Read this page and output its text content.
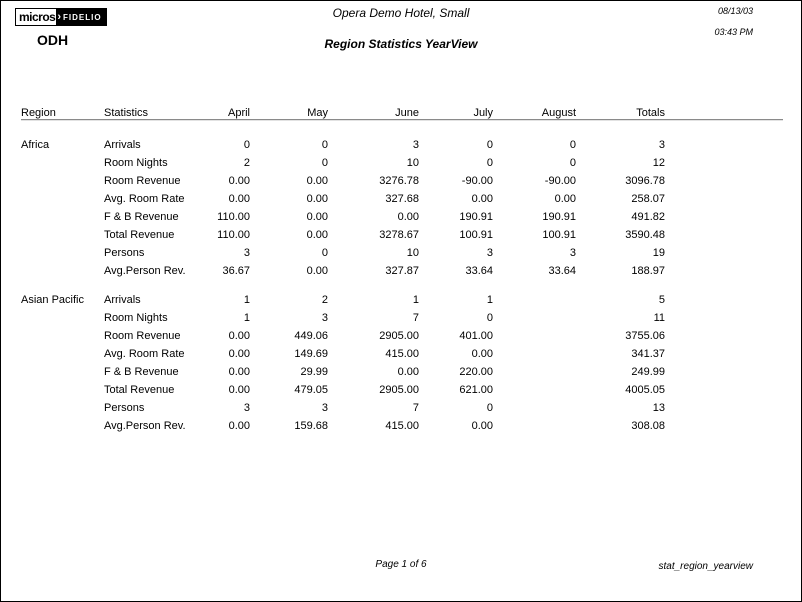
micros › FIDELIO
ODH
Opera Demo Hotel, Small
Region Statistics YearView
08/13/03
03:43 PM
Region	Statistics	April	May	June	July	August	Totals

Africa	Arrivals	0	0	3	0	0	3
	Room Nights	2	0	10	0	0	12
	Room Revenue	0.00	0.00	3276.78	-90.00	-90.00	3096.78
	Avg. Room Rate	0.00	0.00	327.68	0.00	0.00	258.07
	F & B Revenue	110.00	0.00	0.00	190.91	190.91	491.82
	Total Revenue	110.00	0.00	3278.67	100.91	100.91	3590.48
	Persons	3	0	10	3	3	19
	Avg.Person Rev.	36.67	0.00	327.87	33.64	33.64	188.97

Asian Pacific	Arrivals	1	2	1	1		5
	Room Nights	1	3	7	0		11
	Room Revenue	0.00	449.06	2905.00	401.00		3755.06
	Avg. Room Rate	0.00	149.69	415.00	0.00		341.37
	F & B Revenue	0.00	29.99	0.00	220.00		249.99
	Total Revenue	0.00	479.05	2905.00	621.00		4005.05
	Persons	3	3	7	0		13
	Avg.Person Rev.	0.00	159.68	415.00	0.00		308.08
Page 1 of 6	stat_region_yearview
